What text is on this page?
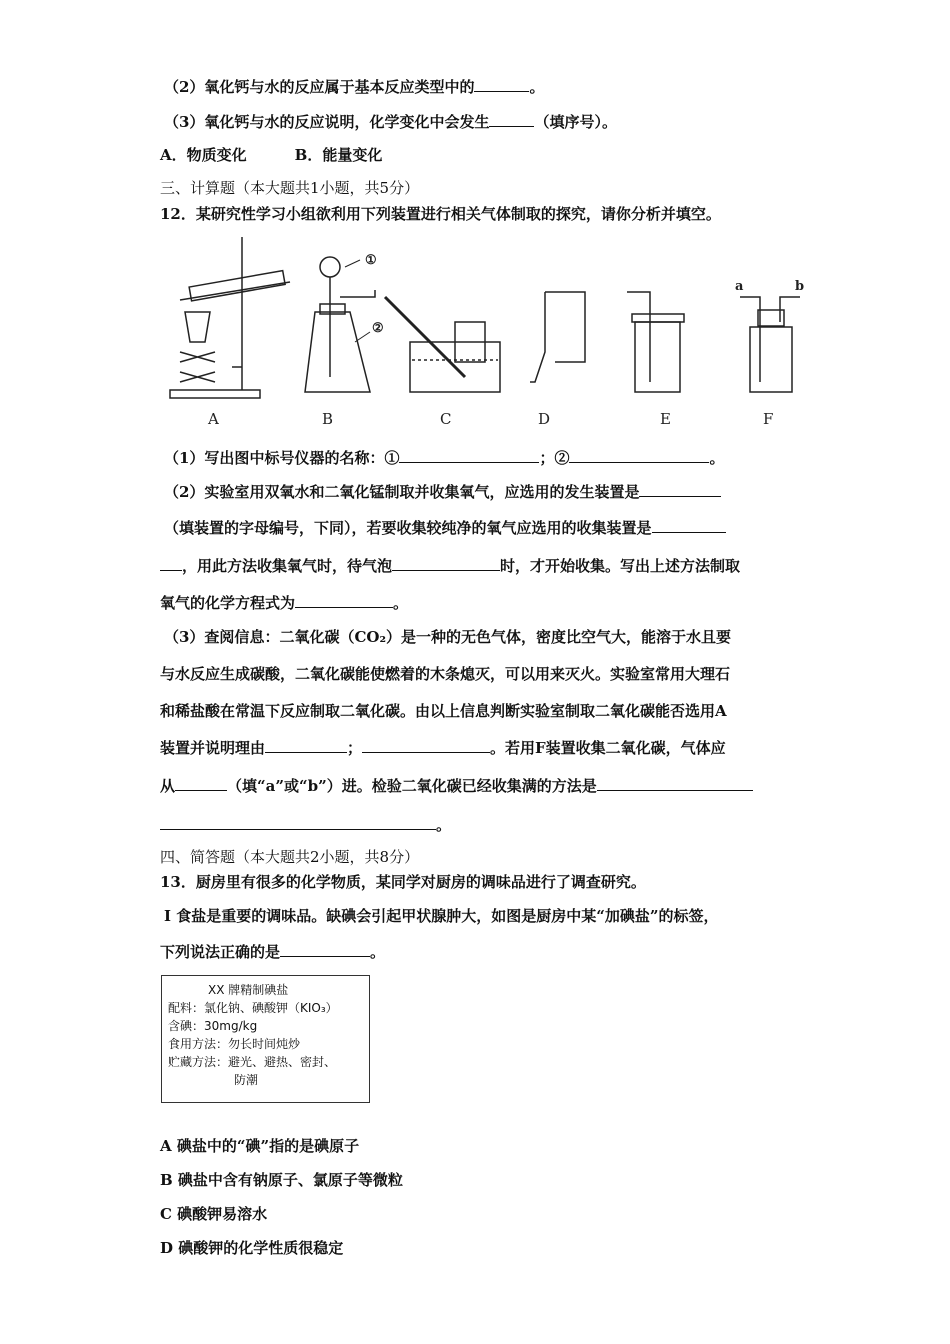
（2）氧化钙与水的反应属于基本反应类型中的	。
（3）氧化钙与水的反应说明，化学变化中会发生	（填序号）。
A．物质变化	B．能量变化
三、计算题（本大题共1小题，共5分）
12．某研究性学习小组欲利用下列装置进行相关气体制取的探究，请你分析并填空。
①
②
a	b
A	B	C	D	E	F
（1）写出图中标号仪器的名称：①	；②	。
（2）实验室用双氧水和二氧化锰制取并收集氧气，应选用的发生装置是
（填装置的字母编号，下同），若要收集较纯净的氧气应选用的收集装置是
，用此方法收集氧气时，待气泡	时，才开始收集。写出上述方法制取
氧气的化学方程式为	。
（3）查阅信息：二氧化碳（CO₂）是一种的无色气体，密度比空气大，能溶于水且要
与水反应生成碳酸，二氧化碳能使燃着的木条熄灭，可以用来灭火。实验室常用大理石
和稀盐酸在常温下反应制取二氧化碳。由以上信息判断实验室制取二氧化碳能否选用A
装置并说明理由	；	。若用F装置收集二氧化碳，气体应
从	（填“a”或“b”）进。检验二氧化碳已经收集满的方法是
。
四、简答题（本大题共2小题，共8分）
13．厨房里有很多的化学物质，某同学对厨房的调味品进行了调查研究。
Ⅰ 食盐是重要的调味品。缺碘会引起甲状腺肿大，如图是厨房中某“加碘盐”的标签，
下列说法正确的是	。
XX 牌精制碘盐
配料：氯化钠、碘酸钾（KIO₃）
含碘：30mg/kg
食用方法：勿长时间炖炒
贮藏方法：避光、避热、密封、
防潮
A 碘盐中的“碘”指的是碘原子
B 碘盐中含有钠原子、氯原子等微粒
C 碘酸钾易溶水
D 碘酸钾的化学性质很稳定
